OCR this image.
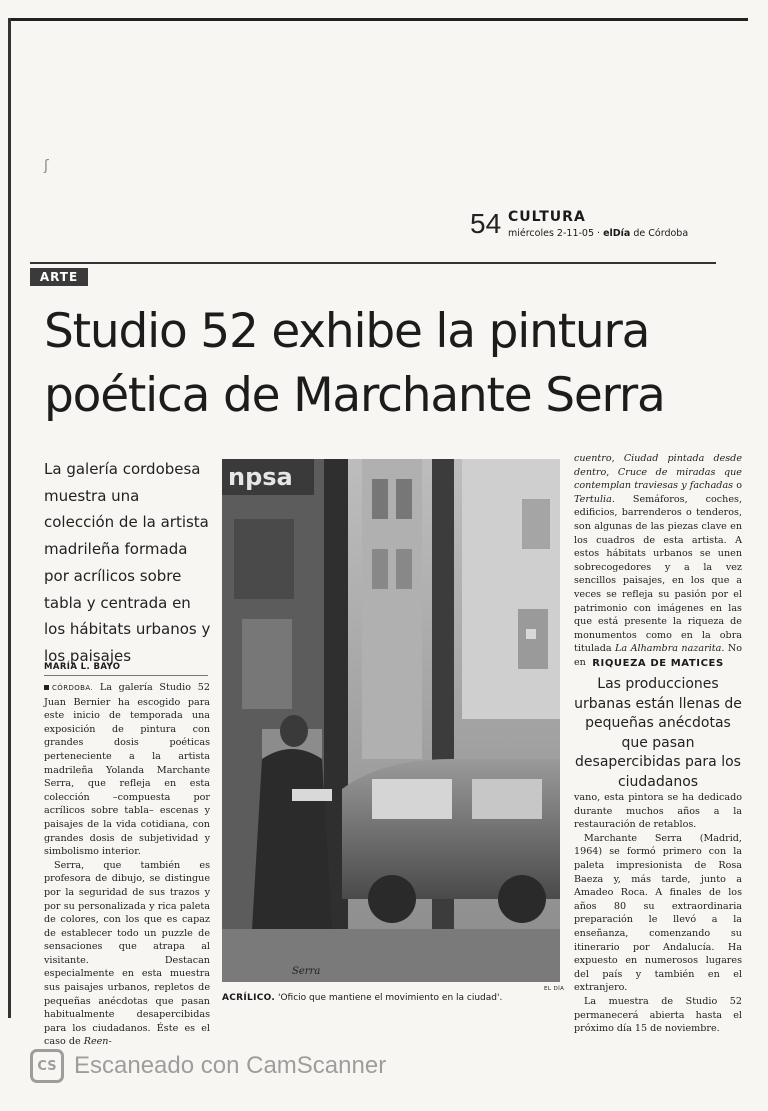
ʃ
54 CULTURA
miércoles 2-11-05 · elDía de Córdoba
ARTE
Studio 52 exhibe la pintura
poética de Marchante Serra
La galería cordobesa muestra una colección de la artista madrileña formada por acrílicos sobre tabla y centrada en los hábitats urbanos y los paisajes
MARÍA L. BAYO

CÓRDOBA. La galería Studio 52 Juan Bernier ha escogido para este inicio de temporada una exposición de pintura con grandes dosis poéticas perteneciente a la artista madrileña Yolanda Marchante Serra, que refleja en esta colección –compuesta por acrílicos sobre tabla– escenas y paisajes de la vida cotidiana, con grandes dosis de subjetividad y simbolismo interior.

Serra, que también es profesora de dibujo, se distingue por la seguridad de sus trazos y por su personalizada y rica paleta de colores, con los que es capaz de establecer todo un puzzle de sensaciones que atrapa al visitante. Destacan especialmente en esta muestra sus paisajes urbanos, repletos de pequeñas anécdotas que pasan habitualmente desapercibidas para los ciudadanos. Éste es el caso de Reen-

npsa
Serra
EL DÍA
ACRÍLICO. 'Oficio que mantiene el movimiento en la ciudad'.

cuentro, Ciudad pintada desde dentro, Cruce de miradas que contemplan traviesas y fachadas o Tertulia. Semáforos, coches, edificios, barrenderos o tenderos, son algunas de las piezas clave en los cuadros de esta artista. A estos hábitats urbanos se unen sobrecogedores y a la vez sencillos paisajes, en los que a veces se refleja su pasión por el patrimonio con imágenes en las que está presente la riqueza de monumentos como en la obra titulada La Alhambra nazarita. No en RIQUEZA DE MATICES
Las producciones urbanas están llenas de pequeñas anécdotas que pasan desapercibidas para los ciudadanos

vano, esta pintora se ha dedicado durante muchos años a la restauración de retablos.

Marchante Serra (Madrid, 1964) se formó primero con la paleta impresionista de Rosa Baeza y, más tarde, junto a Amadeo Roca. A finales de los años 80 su extraordinaria preparación le llevó a la enseñanza, comenzando su itinerario por Andalucía. Ha expuesto en numerosos lugares del país y también en el extranjero.

La muestra de Studio 52 permanecerá abierta hasta el próximo día 15 de noviembre.

CS Escaneado con CamScanner
